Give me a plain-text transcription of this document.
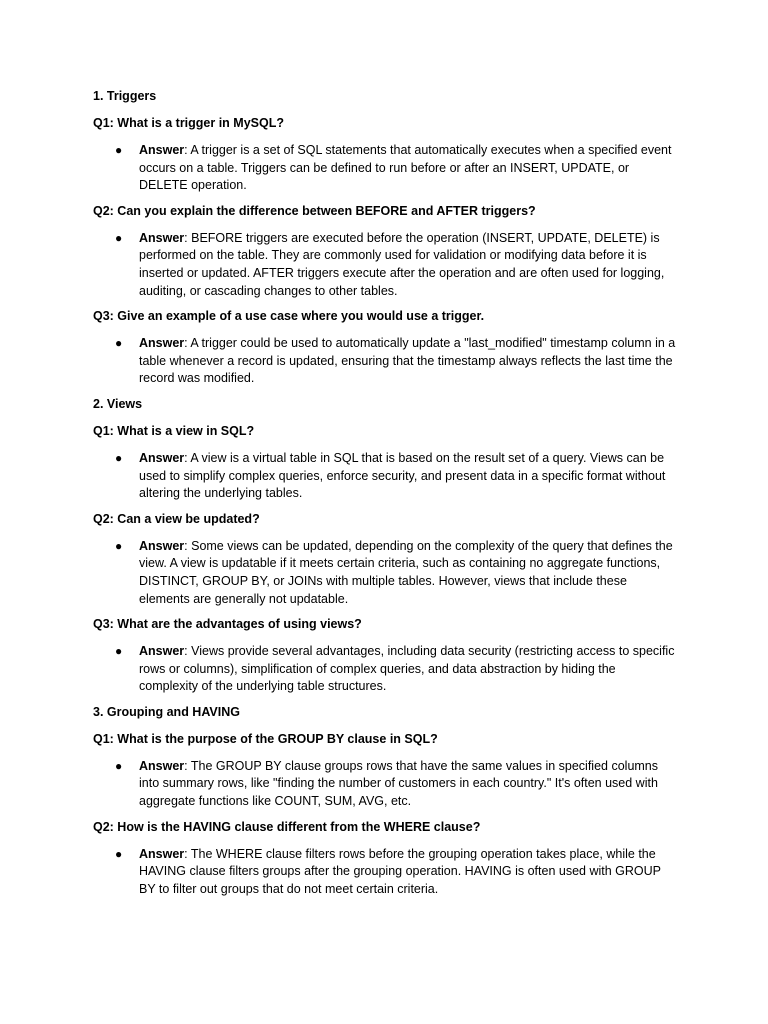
1. Triggers
Q1: What is a trigger in MySQL?
● Answer: A trigger is a set of SQL statements that automatically executes when a specified event occurs on a table. Triggers can be defined to run before or after an INSERT, UPDATE, or DELETE operation.
Q2: Can you explain the difference between BEFORE and AFTER triggers?
● Answer: BEFORE triggers are executed before the operation (INSERT, UPDATE, DELETE) is performed on the table. They are commonly used for validation or modifying data before it is inserted or updated. AFTER triggers execute after the operation and are often used for logging, auditing, or cascading changes to other tables.
Q3: Give an example of a use case where you would use a trigger.
● Answer: A trigger could be used to automatically update a "last_modified" timestamp column in a table whenever a record is updated, ensuring that the timestamp always reflects the last time the record was modified.
2. Views
Q1: What is a view in SQL?
● Answer: A view is a virtual table in SQL that is based on the result set of a query. Views can be used to simplify complex queries, enforce security, and present data in a specific format without altering the underlying tables.
Q2: Can a view be updated?
● Answer: Some views can be updated, depending on the complexity of the query that defines the view. A view is updatable if it meets certain criteria, such as containing no aggregate functions, DISTINCT, GROUP BY, or JOINs with multiple tables. However, views that include these elements are generally not updatable.
Q3: What are the advantages of using views?
● Answer: Views provide several advantages, including data security (restricting access to specific rows or columns), simplification of complex queries, and data abstraction by hiding the complexity of the underlying table structures.
3. Grouping and HAVING
Q1: What is the purpose of the GROUP BY clause in SQL?
● Answer: The GROUP BY clause groups rows that have the same values in specified columns into summary rows, like "finding the number of customers in each country." It's often used with aggregate functions like COUNT, SUM, AVG, etc.
Q2: How is the HAVING clause different from the WHERE clause?
● Answer: The WHERE clause filters rows before the grouping operation takes place, while the HAVING clause filters groups after the grouping operation. HAVING is often used with GROUP BY to filter out groups that do not meet certain criteria.
